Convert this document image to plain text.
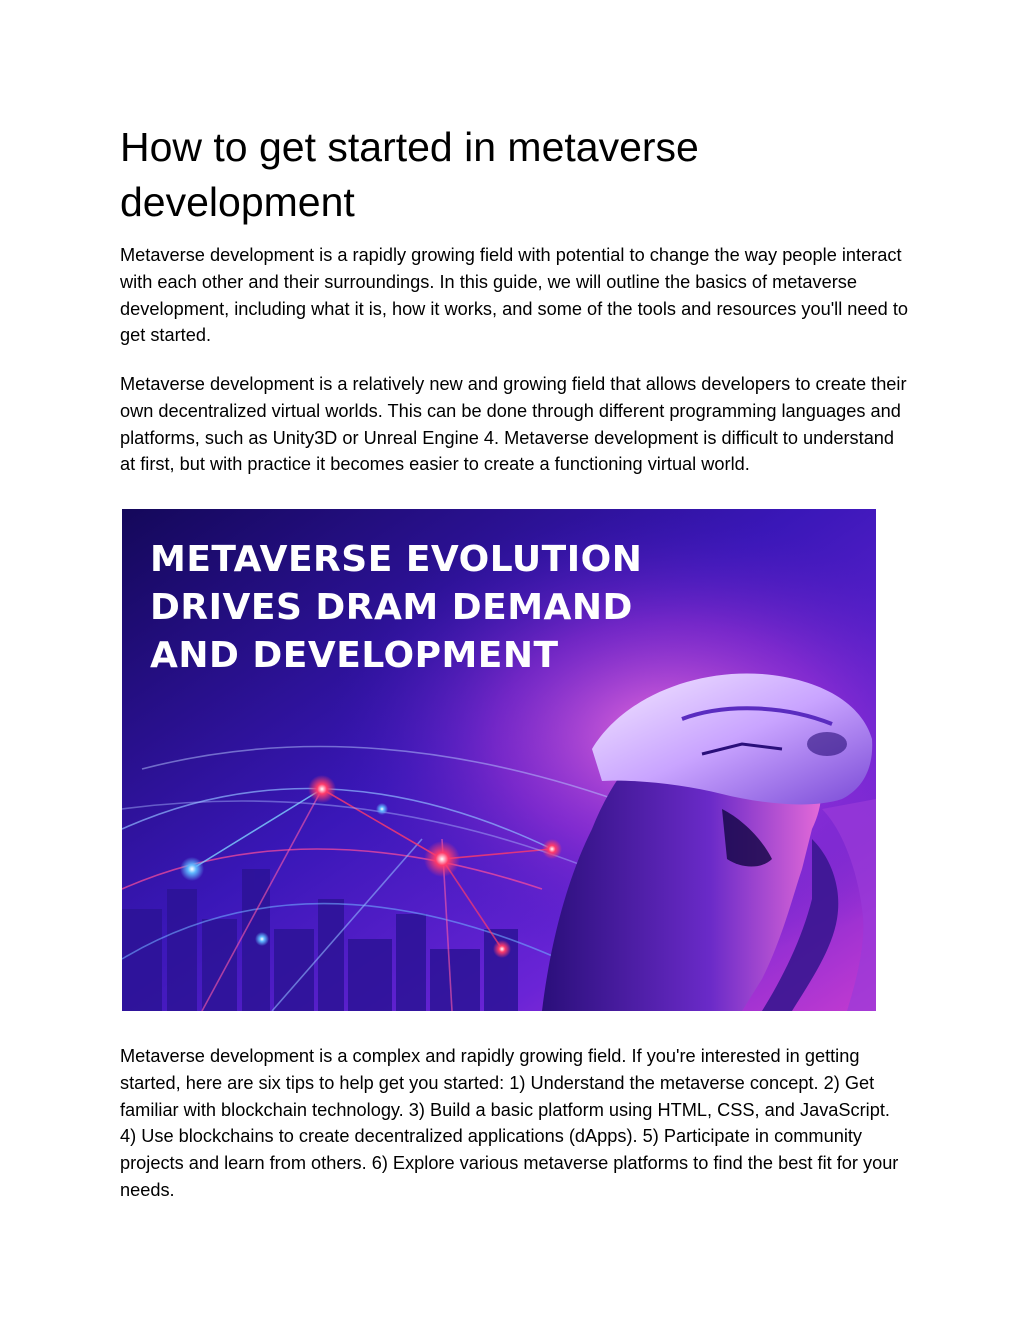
How to get started in metaverse development

Metaverse development is a rapidly growing field with potential to change the way people interact with each other and their surroundings. In this guide, we will outline the basics of metaverse development, including what it is, how it works, and some of the tools and resources you'll need to get started.

Metaverse development is a relatively new and growing field that allows developers to create their own decentralized virtual worlds. This can be done through different programming languages and platforms, such as Unity3D or Unreal Engine 4. Metaverse development is difficult to understand at first, but with practice it becomes easier to create a functioning virtual world.

METAVERSE EVOLUTION
DRIVES DRAM DEMAND
AND DEVELOPMENT

Metaverse development is a complex and rapidly growing field. If you're interested in getting started, here are six tips to help get you started: 1) Understand the metaverse concept. 2) Get familiar with blockchain technology. 3) Build a basic platform using HTML, CSS, and JavaScript. 4) Use blockchains to create decentralized applications (dApps). 5) Participate in community projects and learn from others. 6) Explore various metaverse platforms to find the best fit for your needs.
